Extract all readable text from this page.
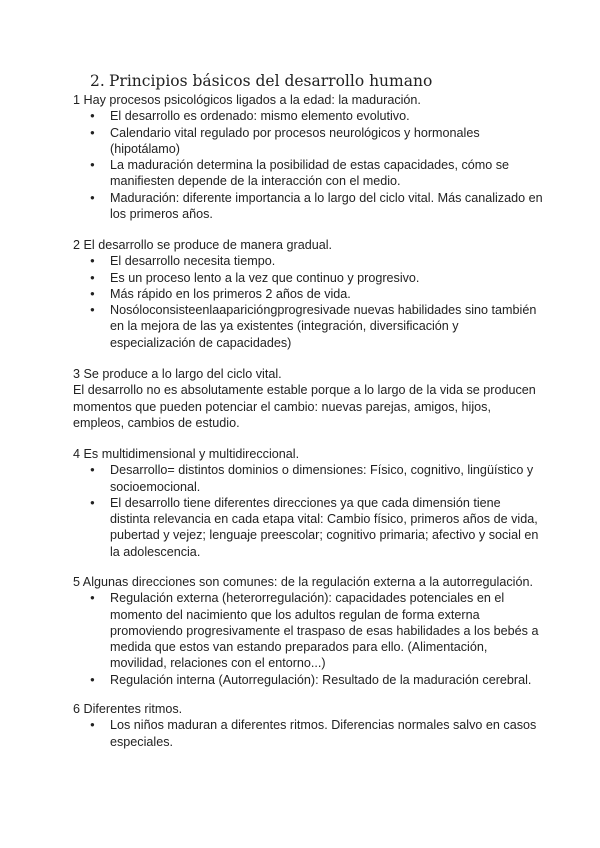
2. Principios básicos del desarrollo humano
1 Hay procesos psicológicos ligados a la edad: la maduración.
● El desarrollo es ordenado: mismo elemento evolutivo.
● Calendario vital regulado por procesos neurológicos y hormonales (hipotálamo)
● La maduración determina la posibilidad de estas capacidades, cómo se manifiesten depende de la interacción con el medio.
● Maduración: diferente importancia a lo largo del ciclo vital. Más canalizado en los primeros años.
2 El desarrollo se produce de manera gradual.
● El desarrollo necesita tiempo.
● Es un proceso lento a la vez que continuo y progresivo.
● Más rápido en los primeros 2 años de vida.
● Nosóloconsisteenlaaparicióngprogresivade nuevas habilidades sino también en la mejora de las ya existentes (integración, diversificación y especialización de capacidades)
3 Se produce a lo largo del ciclo vital.
El desarrollo no es absolutamente estable porque a lo largo de la vida se producen momentos que pueden potenciar el cambio: nuevas parejas, amigos, hijos, empleos, cambios de estudio.
4 Es multidimensional y multidireccional.
● Desarrollo= distintos dominios o dimensiones: Físico, cognitivo, lingüístico y socioemocional.
● El desarrollo tiene diferentes direcciones ya que cada dimensión tiene distinta relevancia en cada etapa vital: Cambio físico, primeros años de vida, pubertad y vejez; lenguaje preescolar; cognitivo primaria; afectivo y social en la adolescencia.
5 Algunas direcciones son comunes: de la regulación externa a la autorregulación.
● Regulación externa (heterorregulación): capacidades potenciales en el momento del nacimiento que los adultos regulan de forma externa promoviendo progresivamente el traspaso de esas habilidades a los bebés a medida que estos van estando preparados para ello. (Alimentación, movilidad, relaciones con el entorno...)
● Regulación interna (Autorregulación): Resultado de la maduración cerebral.
6 Diferentes ritmos.
● Los niños maduran a diferentes ritmos. Diferencias normales salvo en casos especiales.
